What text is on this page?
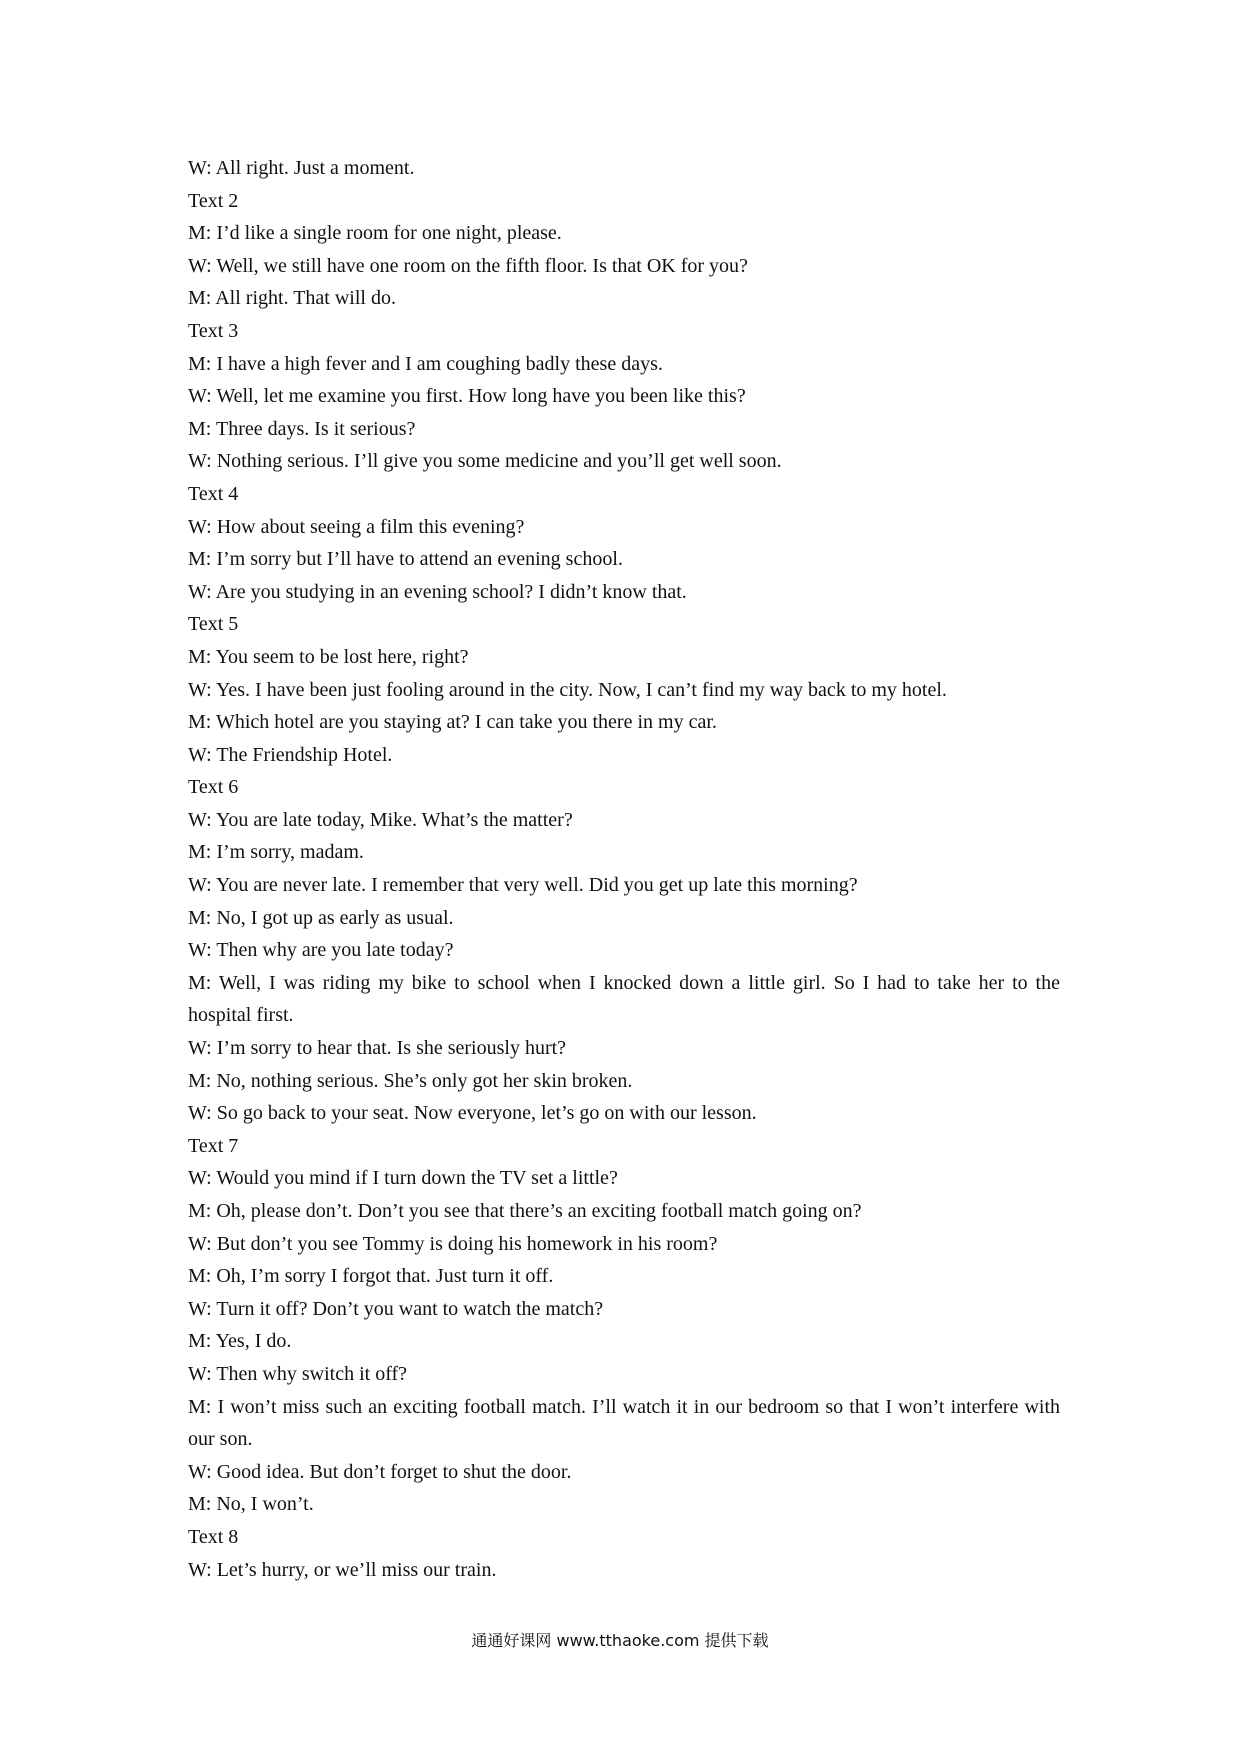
W: All right. Just a moment.

Text 2

M: I’d like a single room for one night, please.

W: Well, we still have one room on the fifth floor. Is that OK for you?

M: All right. That will do.

Text 3

M: I have a high fever and I am coughing badly these days.

W: Well, let me examine you first. How long have you been like this?

M: Three days. Is it serious?

W: Nothing serious. I’ll give you some medicine and you’ll get well soon.

Text 4

W: How about seeing a film this evening?

M: I’m sorry but I’ll have to attend an evening school.

W: Are you studying in an evening school? I didn’t know that.

Text 5

M: You seem to be lost here, right?

W: Yes. I have been just fooling around in the city. Now, I can’t find my way back to my hotel.

M: Which hotel are you staying at? I can take you there in my car.

W: The Friendship Hotel.

Text 6

W: You are late today, Mike. What’s the matter?

M: I’m sorry, madam.

W: You are never late. I remember that very well. Did you get up late this morning?

M: No, I got up as early as usual.

W: Then why are you late today?

M: Well, I was riding my bike to school when I knocked down a little girl. So I had to take her to the hospital first.

W: I’m sorry to hear that. Is she seriously hurt?

M: No, nothing serious. She’s only got her skin broken.

W: So go back to your seat. Now everyone, let’s go on with our lesson.

Text 7

W: Would you mind if I turn down the TV set a little?

M: Oh, please don’t. Don’t you see that there’s an exciting football match going on?

W: But don’t you see Tommy is doing his homework in his room?

M: Oh, I’m sorry I forgot that. Just turn it off.

W: Turn it off? Don’t you want to watch the match?

M: Yes, I do.

W: Then why switch it off?

M: I won’t miss such an exciting football match. I’ll watch it in our bedroom so that I won’t interfere with our son.

W: Good idea. But don’t forget to shut the door.

M: No, I won’t.

Text 8

W: Let’s hurry, or we’ll miss our train.

通通好课网 www.tthaoke.com 提供下载
